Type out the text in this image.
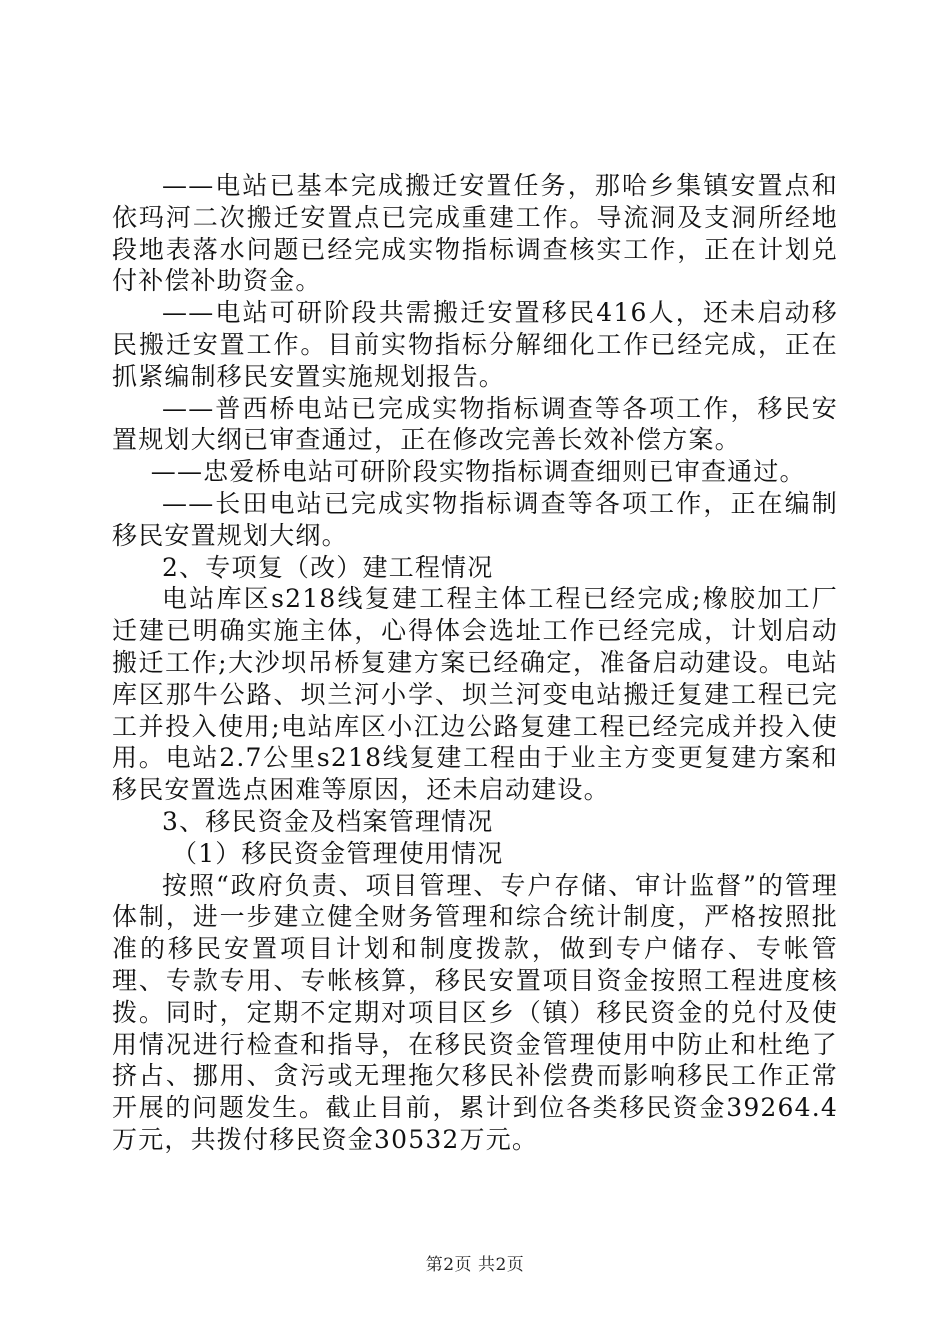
——电站已基本完成搬迁安置任务，那哈乡集镇安置点和依玛河二次搬迁安置点已完成重建工作。导流洞及支洞所经地段地表落水问题已经完成实物指标调查核实工作，正在计划兑付补偿补助资金。

——电站可研阶段共需搬迁安置移民416人，还未启动移民搬迁安置工作。目前实物指标分解细化工作已经完成，正在抓紧编制移民安置实施规划报告。

——普西桥电站已完成实物指标调查等各项工作，移民安置规划大纲已审查通过，正在修改完善长效补偿方案。

——忠爱桥电站可研阶段实物指标调查细则已审查通过。

——长田电站已完成实物指标调查等各项工作，正在编制移民安置规划大纲。

2、专项复（改）建工程情况

电站库区s218线复建工程主体工程已经完成;橡胶加工厂迁建已明确实施主体，心得体会选址工作已经完成，计划启动搬迁工作;大沙坝吊桥复建方案已经确定，准备启动建设。电站库区那牛公路、坝兰河小学、坝兰河变电站搬迁复建工程已完工并投入使用;电站库区小江边公路复建工程已经完成并投入使用。电站2.7公里s218线复建工程由于业主方变更复建方案和移民安置选点困难等原因，还未启动建设。

3、移民资金及档案管理情况

（1）移民资金管理使用情况

按照“政府负责、项目管理、专户存储、审计监督”的管理体制，进一步建立健全财务管理和综合统计制度，严格按照批准的移民安置项目计划和制度拨款，做到专户储存、专帐管理、专款专用、专帐核算，移民安置项目资金按照工程进度核拨。同时，定期不定期对项目区乡（镇）移民资金的兑付及使用情况进行检查和指导，在移民资金管理使用中防止和杜绝了挤占、挪用、贪污或无理拖欠移民补偿费而影响移民工作正常开展的问题发生。截止目前，累计到位各类移民资金39264.4万元，共拨付移民资金30532万元。

第2页 共2页
